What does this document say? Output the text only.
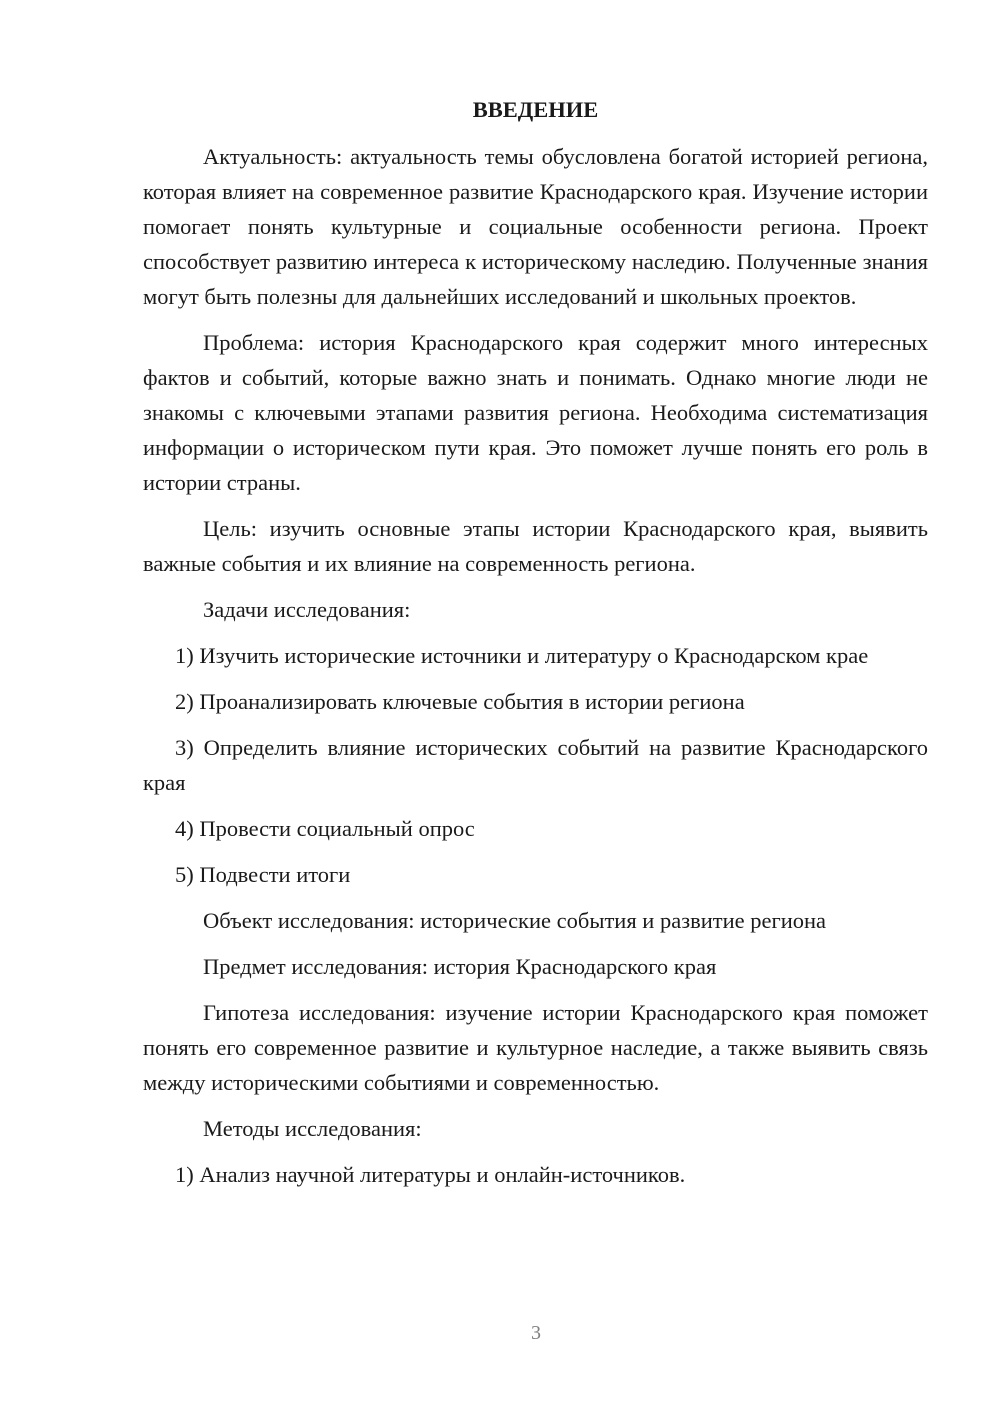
ВВЕДЕНИЕ

Актуальность: актуальность темы обусловлена богатой историей региона, которая влияет на современное развитие Краснодарского края. Изучение истории помогает понять культурные и социальные особенности региона. Проект способствует развитию интереса к историческому наследию. Полученные знания могут быть полезны для дальнейших исследований и школьных проектов.

Проблема: история Краснодарского края содержит много интересных фактов и событий, которые важно знать и понимать. Однако многие люди не знакомы с ключевыми этапами развития региона. Необходима систематизация информации о историческом пути края. Это поможет лучше понять его роль в истории страны.

Цель: изучить основные этапы истории Краснодарского края, выявить важные события и их влияние на современность региона.

Задачи исследования:

1) Изучить исторические источники и литературу о Краснодарском крае

2) Проанализировать ключевые события в истории региона

3) Определить влияние исторических событий на развитие Краснодарского края

4) Провести социальный опрос

5) Подвести итоги

Объект исследования: исторические события и развитие региона

Предмет исследования: история Краснодарского края

Гипотеза исследования: изучение истории Краснодарского края поможет понять его современное развитие и культурное наследие, а также выявить связь между историческими событиями и современностью.

Методы исследования:

1) Анализ научной литературы и онлайн-источников.

3
